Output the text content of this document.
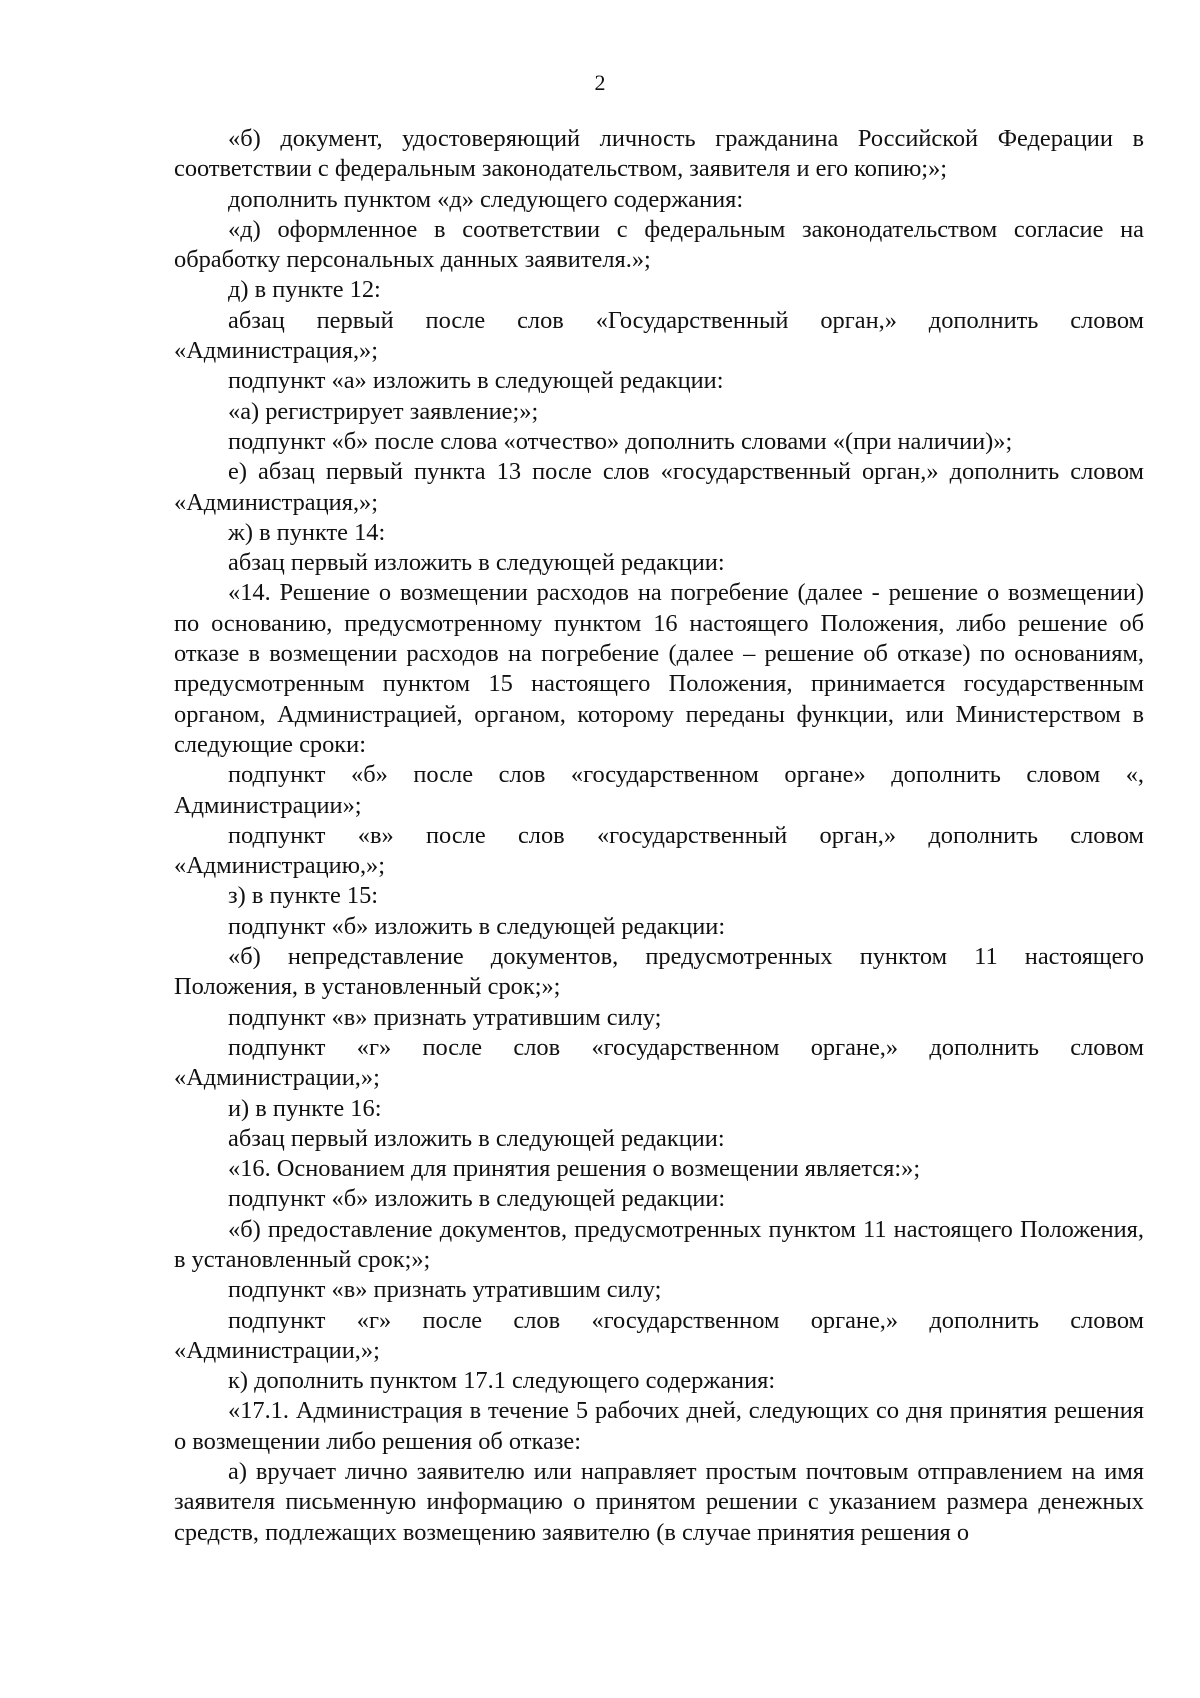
2

«б) документ, удостоверяющий личность гражданина Российской Федерации в соответствии с федеральным законодательством, заявителя и его копию;»;

дополнить пунктом «д» следующего содержания:

«д) оформленное в соответствии с федеральным законодательством согласие на обработку персональных данных заявителя.»;

д) в пункте 12:

абзац первый после слов «Государственный орган,» дополнить словом «Администрация,»;

подпункт «а» изложить в следующей редакции:

«а) регистрирует заявление;»;

подпункт «б» после слова «отчество» дополнить словами «(при наличии)»;

е) абзац первый пункта 13 после слов «государственный орган,» дополнить словом «Администрация,»;

ж) в пункте 14:

абзац первый изложить в следующей редакции:

«14. Решение о возмещении расходов на погребение (далее - решение о возмещении) по основанию, предусмотренному пунктом 16 настоящего Положения, либо решение об отказе в возмещении расходов на погребение (далее – решение об отказе) по основаниям, предусмотренным пунктом 15 настоящего Положения, принимается государственным органом, Администрацией, органом, которому переданы функции, или Министерством в следующие сроки:

подпункт «б» после слов «государственном органе» дополнить словом «, Администрации»;

подпункт «в» после слов «государственный орган,» дополнить словом «Администрацию,»;

з) в пункте 15:

подпункт «б» изложить в следующей редакции:

«б) непредставление документов, предусмотренных пунктом 11 настоящего Положения, в установленный срок;»;

подпункт «в» признать утратившим силу;

подпункт «г» после слов «государственном органе,» дополнить словом «Администрации,»;

и) в пункте 16:

абзац первый изложить в следующей редакции:

«16. Основанием для принятия решения о возмещении является:»;

подпункт «б» изложить в следующей редакции:

«б) предоставление документов, предусмотренных пунктом 11 настоящего Положения, в установленный срок;»;

подпункт «в» признать утратившим силу;

подпункт «г» после слов «государственном органе,» дополнить словом «Администрации,»;

к) дополнить пунктом 17.1 следующего содержания:

«17.1. Администрация в течение 5 рабочих дней, следующих со дня принятия решения о возмещении либо решения об отказе:

а) вручает лично заявителю или направляет простым почтовым отправлением на имя заявителя письменную информацию о принятом решении с указанием размера денежных средств, подлежащих возмещению заявителю (в случае принятия решения о
